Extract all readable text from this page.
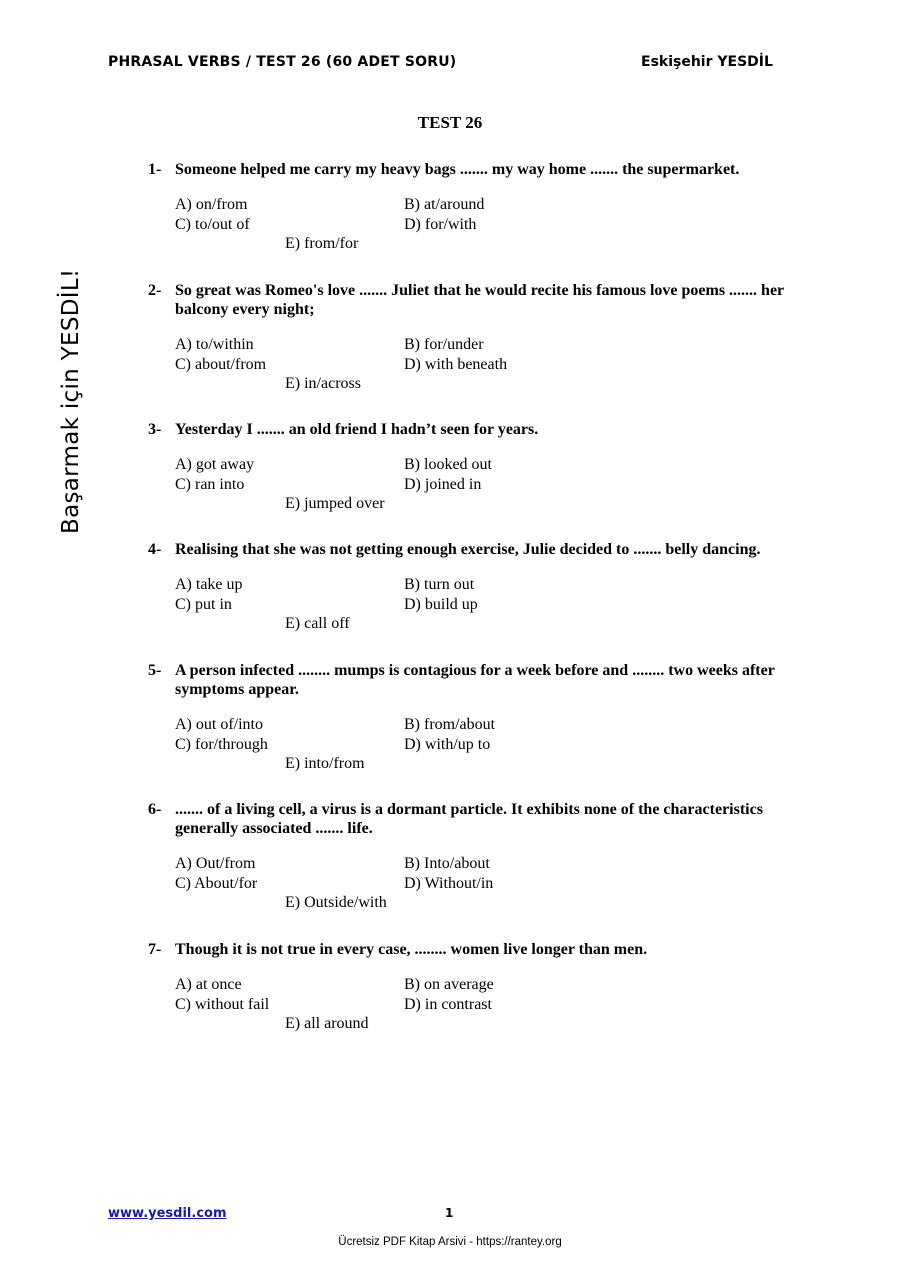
PHRASAL VERBS / TEST 26 (60 ADET SORU)	Eskişehir YESDİL
Başarmak için YESDİL!
TEST 26
1- Someone helped me carry my heavy bags ....... my way home ....... the supermarket.
A) on/from	B) at/around
C) to/out of	D) for/with
E) from/for
2- So great was Romeo's love ....... Juliet that he would recite his famous love poems ....... her balcony every night;
A) to/within	B) for/under
C) about/from	D) with beneath
E) in/across
3- Yesterday I ....... an old friend I hadn’t seen for years.
A) got away	B) looked out
C) ran into	D) joined in
E) jumped over
4- Realising that she was not getting enough exercise, Julie decided to ....... belly dancing.
A) take up	B) turn out
C) put in	D) build up
E) call off
5- A person infected ........ mumps is contagious for a week before and ........ two weeks after symptoms appear.
A) out of/into	B) from/about
C) for/through	D) with/up to
E) into/from
6- ....... of a living cell, a virus is a dormant particle. It exhibits none of the characteristics generally associated ....... life.
A) Out/from	B) Into/about
C) About/for	D) Without/in
E) Outside/with
7- Though it is not true in every case, ........ women live longer than men.
A) at once	B) on average
C) without fail	D) in contrast
E) all around
www.yesdil.com	1
Ücretsiz PDF Kitap Arsivi - https://rantey.org
